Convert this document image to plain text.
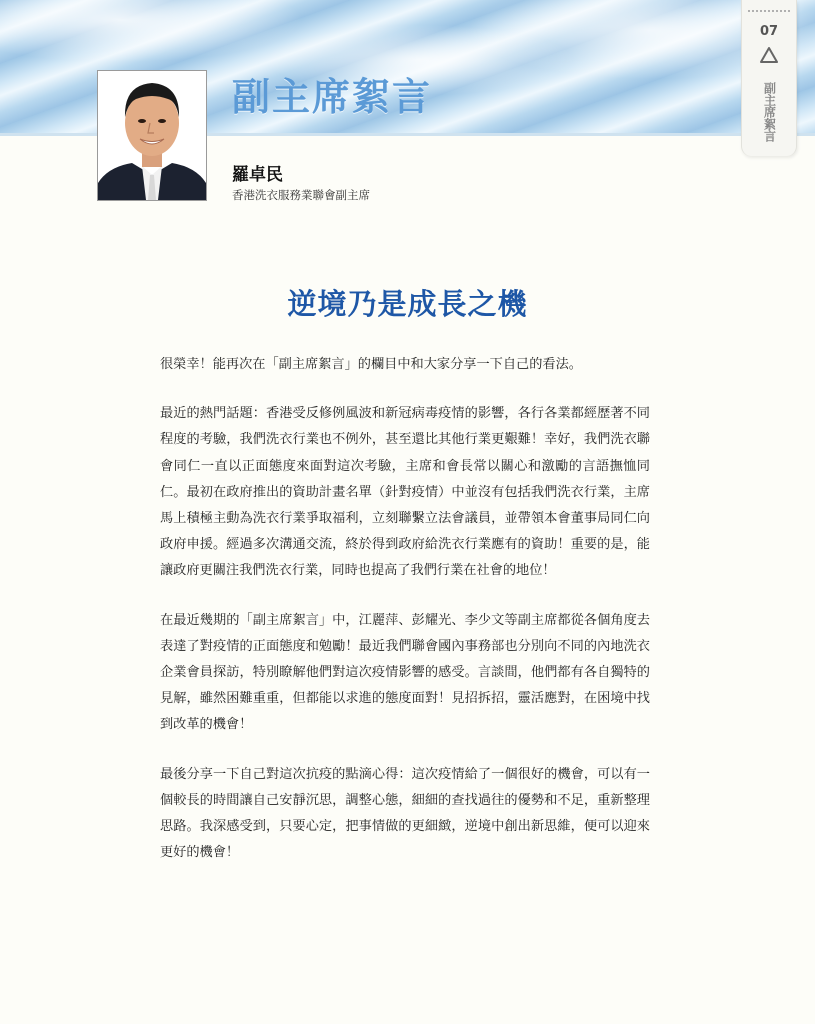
副主席絮言
羅卓民
香港洗衣服務業聯會副主席
07
副主席絮言
逆境乃是成長之機

很榮幸！能再次在「副主席絮言」的欄目中和大家分享一下自己的看法。

最近的熱門話題：香港受反修例風波和新冠病毒疫情的影響，各行各業都經歷著不同程度的考驗，我們洗衣行業也不例外，甚至還比其他行業更艱難！幸好，我們洗衣聯會同仁一直以正面態度來面對這次考驗，主席和會長常以關心和激勵的言語撫恤同仁。最初在政府推出的資助計畫名單（針對疫情）中並沒有包括我們洗衣行業，主席馬上積極主動為洗衣行業爭取福利，立刻聯繫立法會議員，並帶領本會董事局同仁向政府申援。經過多次溝通交流，終於得到政府給洗衣行業應有的資助！重要的是，能讓政府更關注我們洗衣行業，同時也提高了我們行業在社會的地位！

在最近幾期的「副主席絮言」中，江麗萍、彭耀光、李少文等副主席都從各個角度去表達了對疫情的正面態度和勉勵！最近我們聯會國內事務部也分別向不同的內地洗衣企業會員探訪，特別瞭解他們對這次疫情影響的感受。言談間，他們都有各自獨特的見解，雖然困難重重，但都能以求進的態度面對！見招拆招，靈活應對，在困境中找到改革的機會！

最後分享一下自己對這次抗疫的點滴心得：這次疫情給了一個很好的機會，可以有一個較長的時間讓自己安靜沉思，調整心態，細細的查找過往的優勢和不足，重新整理思路。我深感受到，只要心定，把事情做的更細緻，逆境中創出新思維，便可以迎來更好的機會！
